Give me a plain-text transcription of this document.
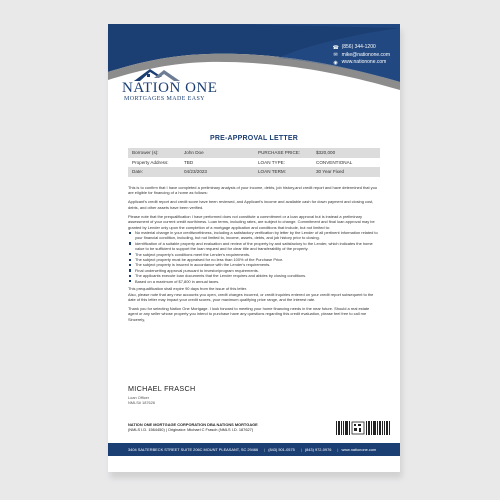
☎ (856) 344-1200
✉ mike@nationone.com
◉ www.nationone.com
NATION ONE
MORTGAGES MADE EASY
PRE-APPROVAL LETTER
Borrower (s):	John Doe	PURCHASE PRICE:	$320,000
Property Address:	TBD	LOAN TYPE:	CONVENTIONAL
Date:	04/23/2023	LOAN TERM:	30 Year Fixed

This is to confirm that I have completed a preliminary analysis of your income, debts, job history,and credit report and have determined that you are eligible for financing of a home as follows:

Applicant's credit report and credit score have been reviewed, and Applicant's income and available cash for down payment and closing cost, debts, and other assets have been verified.

Please note that the prequalification I have performed does not constitute a commitment or a loan approval but is instead a preliminary assessment of your current credit worthiness. Loan terms, including rates, are subject to change. Commitment and final loan approval may be granted by Lender only upon the completion of a mortgage application and conditions that include, but not limited to:

No material change in your creditworthiness, including a satisfactory verification by letter by the Lender of all pertinent information related to your financial condition, including, but not limited to, income, assets, debts, and job history prior to closing.
Identification of a suitable property and evaluation and review of the property by and satisfactory to the Lender, which indicates the home value to be sufficient to support the loan request and for clear title and transferability of the property.
The subject property's conditions meet the Lender's requirements.
The subject property must be appraised for no less than 100% of the Purchase Price.
The subject property is insured in accordance with the Lender's requirements.
Final underwriting approval pursuant to investor/program requirements.
The applicants execute loan documents that the Lender requires and abides by closing conditions.
Based on a maximum of $7,800 in annual taxes.

This prequalification shall expire 90 days from the issue of this letter.

Also, please note that any new accounts you open, credit charges incurred, or credit inquiries entered on your credit report subsequent to the date of this letter may impact your credit scores, your maximum qualifying price range, and the interest rate.

Thank you for selecting Nation One Mortgage. I look forward to meeting your home financing needs in the near future. Should a real estate agent or any seller whose property you intend to purchase have any questions regarding this credit evaluation, please feel free to call me

Sincerely,

MICHAEL FRASCH
Loan Officer
NMLS# 187626
NATION ONE MORTGAGE CORPORATION DBA NATIONS MORTGAGE
(NMLS I.D. 1564450) | Originator: Michael C Frasch (NMLS I.D. 187627)
3404 SALTERBECK STREET SUITE 206C MOUNT PLEASANT, SC 29466 | (843) 501-0575 | (843) 972-0976 | www.nationone.com
